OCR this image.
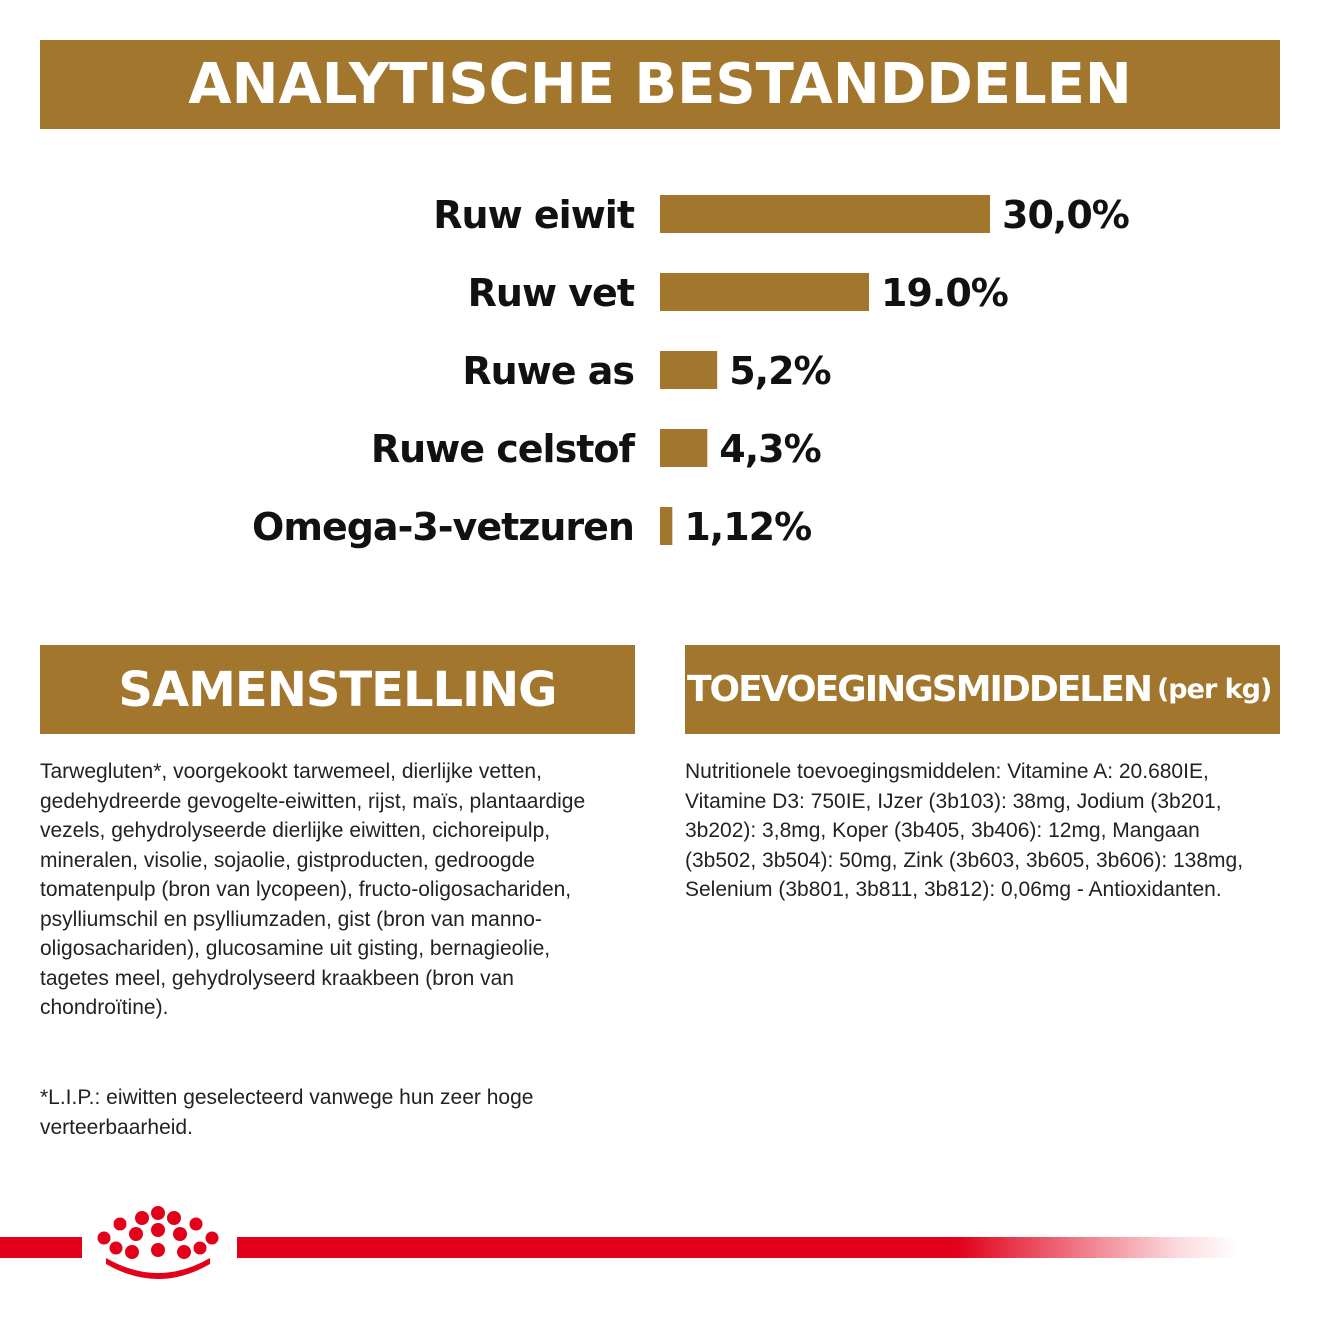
ANALYTISCHE BESTANDDELEN
Ruw eiwit	30,0%
Ruw vet	19.0%
Ruwe as	5,2%
Ruwe celstof 4,3%
Omega-3-vetzuren 1,12%
SAMENSTELLING	TOEVOEGINGSMIDDELEN (per kg)

Tarwegluten*, voorgekookt tarwemeel, dierlijke vetten, gedehydreerde gevogelte-eiwitten, rijst, maïs, plantaardige vezels, gehydrolyseerde dierlijke eiwitten, cichoreipulp, mineralen, visolie, sojaolie, gistproducten, gedroogde tomatenpulp (bron van lycopeen), fructo-oligosachariden, psylliumschil en psylliumzaden, gist (bron van manno-oligosachariden), glucosamine uit gisting, bernagieolie, tagetes meel, gehydrolyseerd kraakbeen (bron van chondroïtine).

*L.I.P.: eiwitten geselecteerd vanwege hun zeer hoge verteerbaarheid.

Nutritionele toevoegingsmiddelen: Vitamine A: 20.680IE, Vitamine D3: 750IE, IJzer (3b103): 38mg, Jodium (3b201, 3b202): 3,8mg, Koper (3b405, 3b406): 12mg, Mangaan (3b502, 3b504): 50mg, Zink (3b603, 3b605, 3b606): 138mg, Selenium (3b801, 3b811, 3b812): 0,06mg - Antioxidanten.
